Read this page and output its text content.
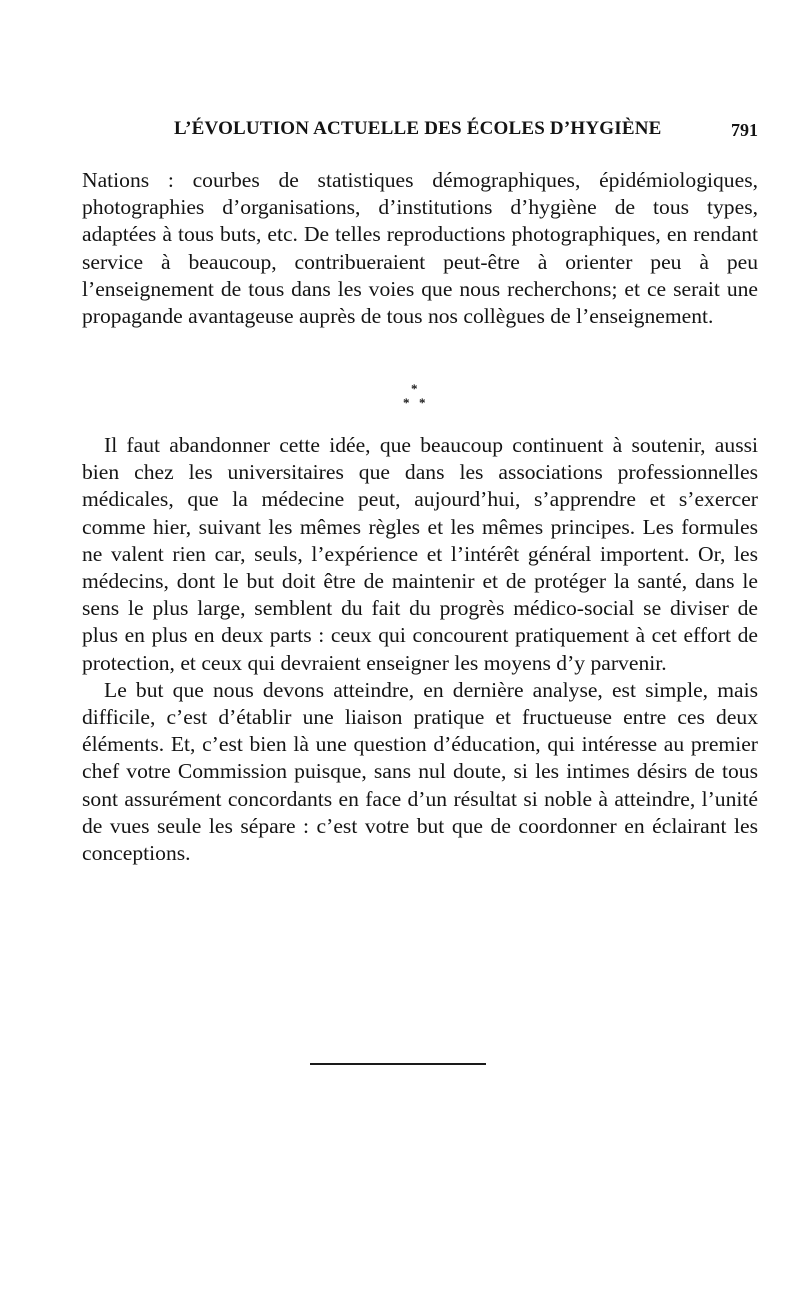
L’ÉVOLUTION ACTUELLE DES ÉCOLES D’HYGIÈNE	791

Nations : courbes de statistiques démographiques, épidémiologiques, photographies d’organisations, d’institutions d’hygiène de tous types, adaptées à tous buts, etc. De telles reproductions photographiques, en rendant service à beaucoup, contribueraient peut-être à orienter peu à peu l’enseignement de tous dans les voies que nous recherchons; et ce serait une propagande avantageuse auprès de tous nos collègues de l’enseignement.

*
* *

Il faut abandonner cette idée, que beaucoup continuent à soutenir, aussi bien chez les universitaires que dans les associations professionnelles médicales, que la médecine peut, aujourd’hui, s’apprendre et s’exercer comme hier, suivant les mêmes règles et les mêmes principes. Les formules ne valent rien car, seuls, l’expérience et l’intérêt général importent. Or, les médecins, dont le but doit être de maintenir et de protéger la santé, dans le sens le plus large, semblent du fait du progrès médico-social se diviser de plus en plus en deux parts : ceux qui concourent pratiquement à cet effort de protection, et ceux qui devraient enseigner les moyens d’y parvenir.

Le but que nous devons atteindre, en dernière analyse, est simple, mais difficile, c’est d’établir une liaison pratique et fructueuse entre ces deux éléments. Et, c’est bien là une question d’éducation, qui intéresse au premier chef votre Commission puisque, sans nul doute, si les intimes désirs de tous sont assurément concordants en face d’un résultat si noble à atteindre, l’unité de vues seule les sépare : c’est votre but que de coordonner en éclairant les conceptions.
